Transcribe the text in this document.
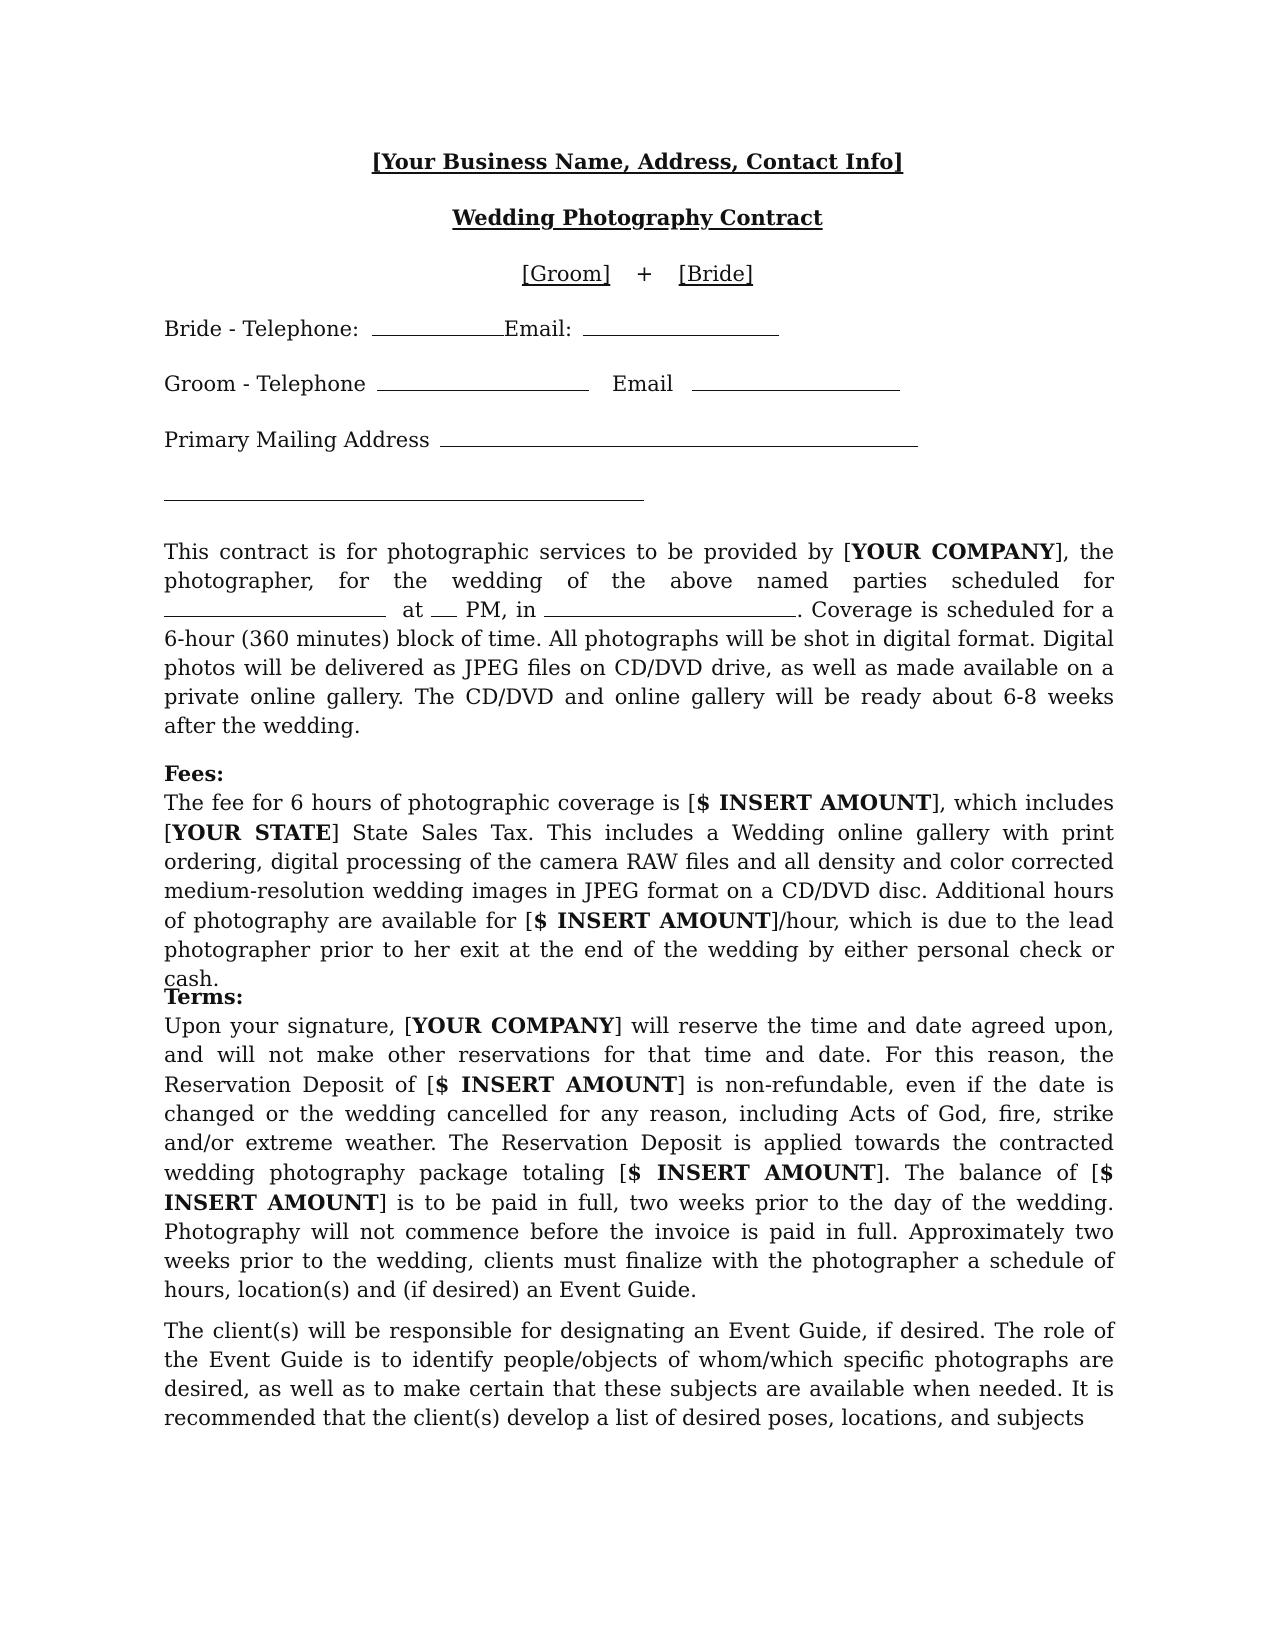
[Your Business Name, Address, Contact Info]
Wedding Photography Contract
[Groom] + [Bride]
Bride - Telephone:	Email:
Groom - Telephone	Email
Primary Mailing Address
This contract is for photographic services to be provided by [YOUR COMPANY], the photographer, for the wedding of the above named parties scheduled for  at PM, in	. Coverage is scheduled for a 6-hour (360 minutes) block of time. All photographs will be shot in digital format. Digital photos will be delivered as JPEG files on CD/DVD drive, as well as made available on a private online gallery. The CD/DVD and online gallery will be ready about 6-8 weeks after the wedding.
Fees:
The fee for 6 hours of photographic coverage is [$ INSERT AMOUNT], which includes [YOUR STATE] State Sales Tax. This includes a Wedding online gallery with print ordering, digital processing of the camera RAW files and all density and color corrected medium-resolution wedding images in JPEG format on a CD/DVD disc. Additional hours of photography are available for [$ INSERT AMOUNT]/hour, which is due to the lead photographer prior to her exit at the end of the wedding by either personal check or cash.
Terms:
Upon your signature, [YOUR COMPANY] will reserve the time and date agreed upon, and will not make other reservations for that time and date. For this reason, the Reservation Deposit of [$ INSERT AMOUNT] is non-refundable, even if the date is changed or the wedding cancelled for any reason, including Acts of God, fire, strike and/or extreme weather. The Reservation Deposit is applied towards the contracted wedding photography package totaling [$ INSERT AMOUNT]. The balance of [$ INSERT AMOUNT] is to be paid in full, two weeks prior to the day of the wedding. Photography will not commence before the invoice is paid in full. Approximately two weeks prior to the wedding, clients must finalize with the photographer a schedule of hours, location(s) and (if desired) an Event Guide.
The client(s) will be responsible for designating an Event Guide, if desired. The role of the Event Guide is to identify people/objects of whom/which specific photographs are desired, as well as to make certain that these subjects are available when needed. It is recommended that the client(s) develop a list of desired poses, locations, and subjects
